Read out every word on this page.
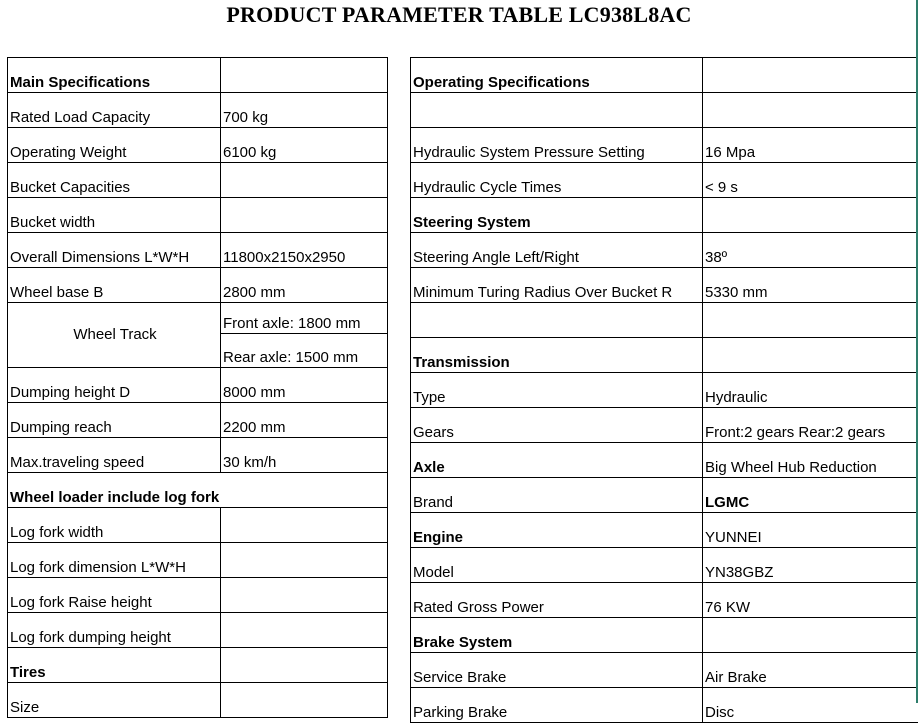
PRODUCT PARAMETER TABLE LC938L8AC
Main Specifications	
Rated Load Capacity	700 kg
Operating Weight	6100 kg
Bucket Capacities	
Bucket width	
Overall Dimensions L*W*H	11800x2150x2950
Wheel base B	2800 mm
Wheel Track	Front axle: 1800 mm
	Rear axle: 1500 mm
Dumping height D	8000 mm
Dumping reach	2200 mm
Max.traveling speed	30 km/h
Wheel loader include log fork	
Log fork width	
Log fork dimension L*W*H	
Log fork Raise height	
Log fork dumping height	
Tires	
Size	
Operating Specifications	

Hydraulic System Pressure Setting	16 Mpa
Hydraulic Cycle Times	< 9 s
Steering System	
Steering Angle Left/Right	38º
Minimum Turing Radius Over Bucket R	5330 mm

Transmission	
Type	Hydraulic
Gears	Front:2 gears Rear:2 gears
Axle	Big Wheel Hub Reduction
Brand	LGMC
Engine	YUNNEI
Model	YN38GBZ
Rated Gross Power	76 KW
Brake System	
Service Brake	Air Brake
Parking Brake	Disc
